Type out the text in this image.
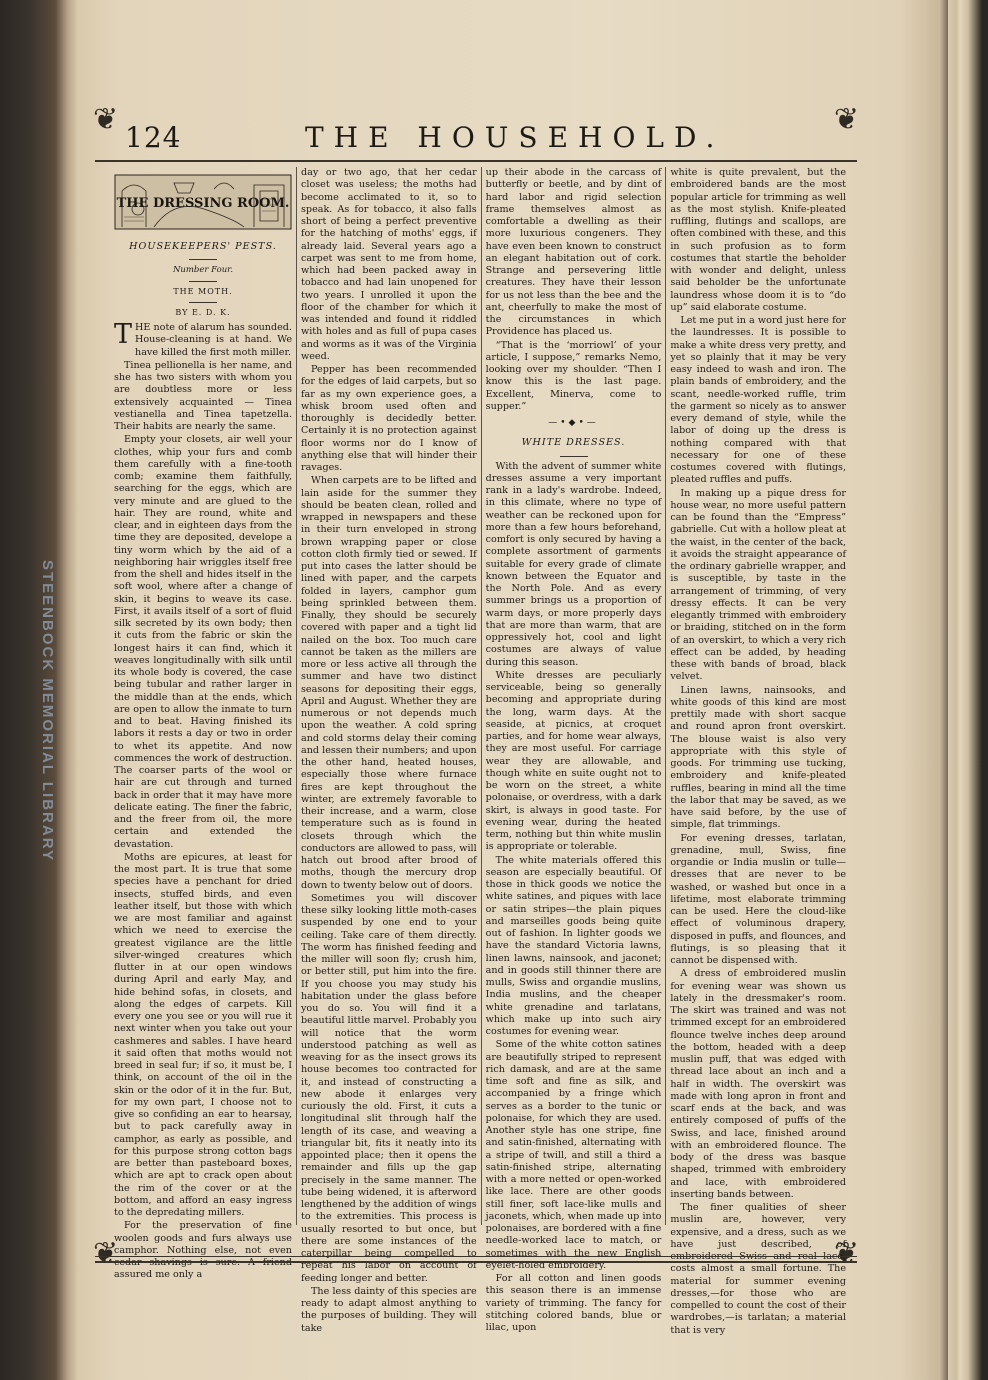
STEENBOCK MEMORIAL LIBRARY
❦	❦
❦	❦
124	THE HOUSEHOLD.
THE DRESSING ROOM.
HOUSEKEEPERS' PESTS.
Number Four.
THE MOTH.
BY E. D. K.

THE note of alarum has sounded. House-cleaning is at hand. We have killed the first moth miller.

Tinea pellionella is her name, and she has two sisters with whom you are doubtless more or less extensively acquainted — Tinea vestianella and Tinea tapetzella. Their habits are nearly the same.

Empty your closets, air well your clothes, whip your furs and comb them carefully with a fine-tooth comb; examine them faithfully, searching for the eggs, which are very minute and are glued to the hair. They are round, white and clear, and in eighteen days from the time they are deposited, develope a tiny worm which by the aid of a neighboring hair wriggles itself free from the shell and hides itself in the soft wool, where after a change of skin, it begins to weave its case. First, it avails itself of a sort of fluid silk secreted by its own body; then it cuts from the fabric or skin the longest hairs it can find, which it weaves longitudinally with silk until its whole body is covered, the case being tubular and rather larger in the middle than at the ends, which are open to allow the inmate to turn and to beat. Having finished its labors it rests a day or two in order to whet its appetite. And now commences the work of destruction. The coarser parts of the wool or hair are cut through and turned back in order that it may have more delicate eating. The finer the fabric, and the freer from oil, the more certain and extended the devastation.

Moths are epicures, at least for the most part. It is true that some species have a penchant for dried insects, stuffed birds, and even leather itself, but those with which we are most familiar and against which we need to exercise the greatest vigilance are the little silver-winged creatures which flutter in at our open windows during April and early May, and hide behind sofas, in closets, and along the edges of carpets. Kill every one you see or you will rue it next winter when you take out your cashmeres and sables. I have heard it said often that moths would not breed in seal fur; if so, it must be, I think, on account of the oil in the skin or the odor of it in the fur. But, for my own part, I choose not to give so confiding an ear to hearsay, but to pack carefully away in camphor, as early as possible, and for this purpose strong cotton bags are better than pasteboard boxes, which are apt to crack open about the rim of the cover or at the bottom, and afford an easy ingress to the depredating millers.

For the preservation of fine woolen goods and furs always use camphor. Nothing else, not even cedar shavings is sure. A friend assured me only a

day or two ago, that her cedar closet was useless; the moths had become acclimated to it, so to speak. As for tobacco, it also falls short of being a perfect preventive for the hatching of moths' eggs, if already laid. Several years ago a carpet was sent to me from home, which had been packed away in tobacco and had lain unopened for two years. I unrolled it upon the floor of the chamber for which it was intended and found it riddled with holes and as full of pupa cases and worms as it was of the Virginia weed.

Pepper has been recommended for the edges of laid carpets, but so far as my own experience goes, a whisk broom used often and thoroughly is decidedly better. Certainly it is no protection against floor worms nor do I know of anything else that will hinder their ravages.

When carpets are to be lifted and lain aside for the summer they should be beaten clean, rolled and wrapped in newspapers and these in their turn enveloped in strong brown wrapping paper or close cotton cloth firmly tied or sewed. If put into cases the latter should be lined with paper, and the carpets folded in layers, camphor gum being sprinkled between them. Finally, they should be securely covered with paper and a tight lid nailed on the box. Too much care cannot be taken as the millers are more or less active all through the summer and have two distinct seasons for depositing their eggs, April and August. Whether they are numerous or not depends much upon the weather. A cold spring and cold storms delay their coming and lessen their numbers; and upon the other hand, heated houses, especially those where furnace fires are kept throughout the winter, are extremely favorable to their increase, and a warm, close temperature such as is found in closets through which the conductors are allowed to pass, will hatch out brood after brood of moths, though the mercury drop down to twenty below out of doors.

Sometimes you will discover these silky looking little moth-cases suspended by one end to your ceiling. Take care of them directly. The worm has finished feeding and the miller will soon fly; crush him, or better still, put him into the fire. If you choose you may study his habitation under the glass before you do so. You will find it a beautiful little marvel. Probably you will notice that the worm understood patching as well as weaving for as the insect grows its house becomes too contracted for it, and instead of constructing a new abode it enlarges very curiously the old. First, it cuts a longitudinal slit through half the length of its case, and weaving a triangular bit, fits it neatly into its appointed place; then it opens the remainder and fills up the gap precisely in the same manner. The tube being widened, it is afterword lengthened by the addition of wings to the extremities. This process is usually resorted to but once, but there are some instances of the caterpillar being compelled to repeat his labor on account of feeding longer and better.

The less dainty of this species are ready to adapt almost anything to the purposes of building. They will take

up their abode in the carcass of butterfly or beetle, and by dint of hard labor and rigid selection frame themselves almost as comfortable a dwelling as their more luxurious congeners. They have even been known to construct an elegant habitation out of cork. Strange and persevering little creatures. They have their lesson for us not less than the bee and the ant, cheerfully to make the most of the circumstances in which Providence has placed us.

“That is the ‘morriowl’ of your article, I suppose,” remarks Nemo, looking over my shoulder. “Then I know this is the last page. Excellent, Minerva, come to supper.”

—•◆•—
WHITE DRESSES.

With the advent of summer white dresses assume a very important rank in a lady's wardrobe. Indeed, in this climate, where no type of weather can be reckoned upon for more than a few hours beforehand, comfort is only secured by having a complete assortment of garments suitable for every grade of climate known between the Equator and the North Pole. And as every summer brings us a proportion of warm days, or more properly days that are more than warm, that are oppressively hot, cool and light costumes are always of value during this season.

White dresses are peculiarly serviceable, being so generally becoming and appropriate during the long, warm days. At the seaside, at picnics, at croquet parties, and for home wear always, they are most useful. For carriage wear they are allowable, and though white en suite ought not to be worn on the street, a white polonaise, or overdress, with a dark skirt, is always in good taste. For evening wear, during the heated term, nothing but thin white muslin is appropriate or tolerable.

The white materials offered this season are especially beautiful. Of those in thick goods we notice the white satines, and piques with lace or satin stripes—the plain piques and marseilles goods being quite out of fashion. In lighter goods we have the standard Victoria lawns, linen lawns, nainsook, and jaconet; and in goods still thinner there are mulls, Swiss and organdie muslins, India muslins, and the cheaper white grenadine and tarlatans, which make up into such airy costumes for evening wear.

Some of the white cotton satines are beautifully striped to represent rich damask, and are at the same time soft and fine as silk, and accompanied by a fringe which serves as a border to the tunic or polonaise, for which they are used. Another style has one stripe, fine and satin-finished, alternating with a stripe of twill, and still a third a satin-finished stripe, alternating with a more netted or open-worked like lace. There are other goods still finer, soft lace-like mulls and jaconets, which, when made up into polonaises, are bordered with a fine needle-worked lace to match, or sometimes with the new English eyelet-holed embroidery.

For all cotton and linen goods this season there is an immense variety of trimming. The fancy for stitching colored bands, blue or lilac, upon

white is quite prevalent, but the embroidered bands are the most popular article for trimming as well as the most stylish. Knife-pleated ruffling, flutings and scallops, are often combined with these, and this in such profusion as to form costumes that startle the beholder with wonder and delight, unless said beholder be the unfortunate laundress whose doom it is to “do up” said elaborate costume.

Let me put in a word just here for the laundresses. It is possible to make a white dress very pretty, and yet so plainly that it may be very easy indeed to wash and iron. The plain bands of embroidery, and the scant, needle-worked ruffle, trim the garment so nicely as to answer every demand of style, while the labor of doing up the dress is nothing compared with that necessary for one of these costumes covered with flutings, pleated ruffles and puffs.

In making up a pique dress for house wear, no more useful pattern can be found than the “Empress” gabrielle. Cut with a hollow pleat at the waist, in the center of the back, it avoids the straight appearance of the ordinary gabrielle wrapper, and is susceptible, by taste in the arrangement of trimming, of very dressy effects. It can be very elegantly trimmed with embroidery or braiding, stitched on in the form of an overskirt, to which a very rich effect can be added, by heading these with bands of broad, black velvet.

Linen lawns, nainsooks, and white goods of this kind are most prettily made with short sacque and round apron front overskirt. The blouse waist is also very appropriate with this style of goods. For trimming use tucking, embroidery and knife-pleated ruffles, bearing in mind all the time the labor that may be saved, as we have said before, by the use of simple, flat trimmings.

For evening dresses, tarlatan, grenadine, mull, Swiss, fine organdie or India muslin or tulle—dresses that are never to be washed, or washed but once in a lifetime, most elaborate trimming can be used. Here the cloud-like effect of voluminous drapery, disposed in puffs, and flounces, and flutings, is so pleasing that it cannot be dispensed with.

A dress of embroidered muslin for evening wear was shown us lately in the dressmaker's room. The skirt was trained and was not trimmed except for an embroidered flounce twelve inches deep around the bottom, headed with a deep muslin puff, that was edged with thread lace about an inch and a half in width. The overskirt was made with long apron in front and scarf ends at the back, and was entirely composed of puffs of the Swiss, and lace, finished around with an embroidered flounce. The body of the dress was basque shaped, trimmed with embroidery and lace, with embroidered inserting bands between.

The finer qualities of sheer muslin are, however, very expensive, and a dress, such as we have just described, of embroidered Swiss and real lace, costs almost a small fortune. The material for summer evening dresses,—for those who are compelled to count the cost of their wardrobes,—is tarlatan; a material that is very
